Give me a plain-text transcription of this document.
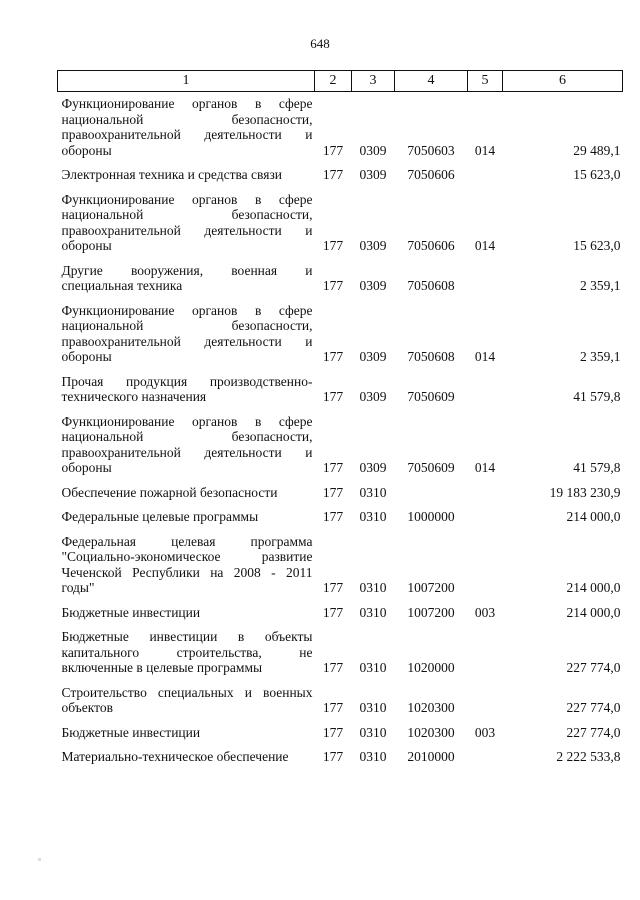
648
1	2	3	4	5	6
Функционирование органов в сфере национальной безопасности, правоохранительной деятельности и обороны	177	0309	7050603	014	29 489,1
Электронная техника и средства связи	177	0309	7050606		15 623,0
Функционирование органов в сфере национальной безопасности, правоохранительной деятельности и обороны	177	0309	7050606	014	15 623,0
Другие вооружения, военная и специальная техника	177	0309	7050608		2 359,1
Функционирование органов в сфере национальной безопасности, правоохранительной деятельности и обороны	177	0309	7050608	014	2 359,1
Прочая продукция производственно-технического назначения	177	0309	7050609		41 579,8
Функционирование органов в сфере национальной безопасности, правоохранительной деятельности и обороны	177	0309	7050609	014	41 579,8
Обеспечение пожарной безопасности	177	0310			19 183 230,9
Федеральные целевые программы	177	0310	1000000		214 000,0
Федеральная целевая программа "Социально-экономическое развитие Чеченской Республики на 2008 - 2011 годы"	177	0310	1007200		214 000,0
Бюджетные инвестиции	177	0310	1007200	003	214 000,0
Бюджетные инвестиции в объекты капитального строительства, не включенные в целевые программы	177	0310	1020000		227 774,0
Строительство специальных и военных объектов	177	0310	1020300		227 774,0
Бюджетные инвестиции	177	0310	1020300	003	227 774,0
Материально-техническое обеспечение	177	0310	2010000		2 222 533,8
